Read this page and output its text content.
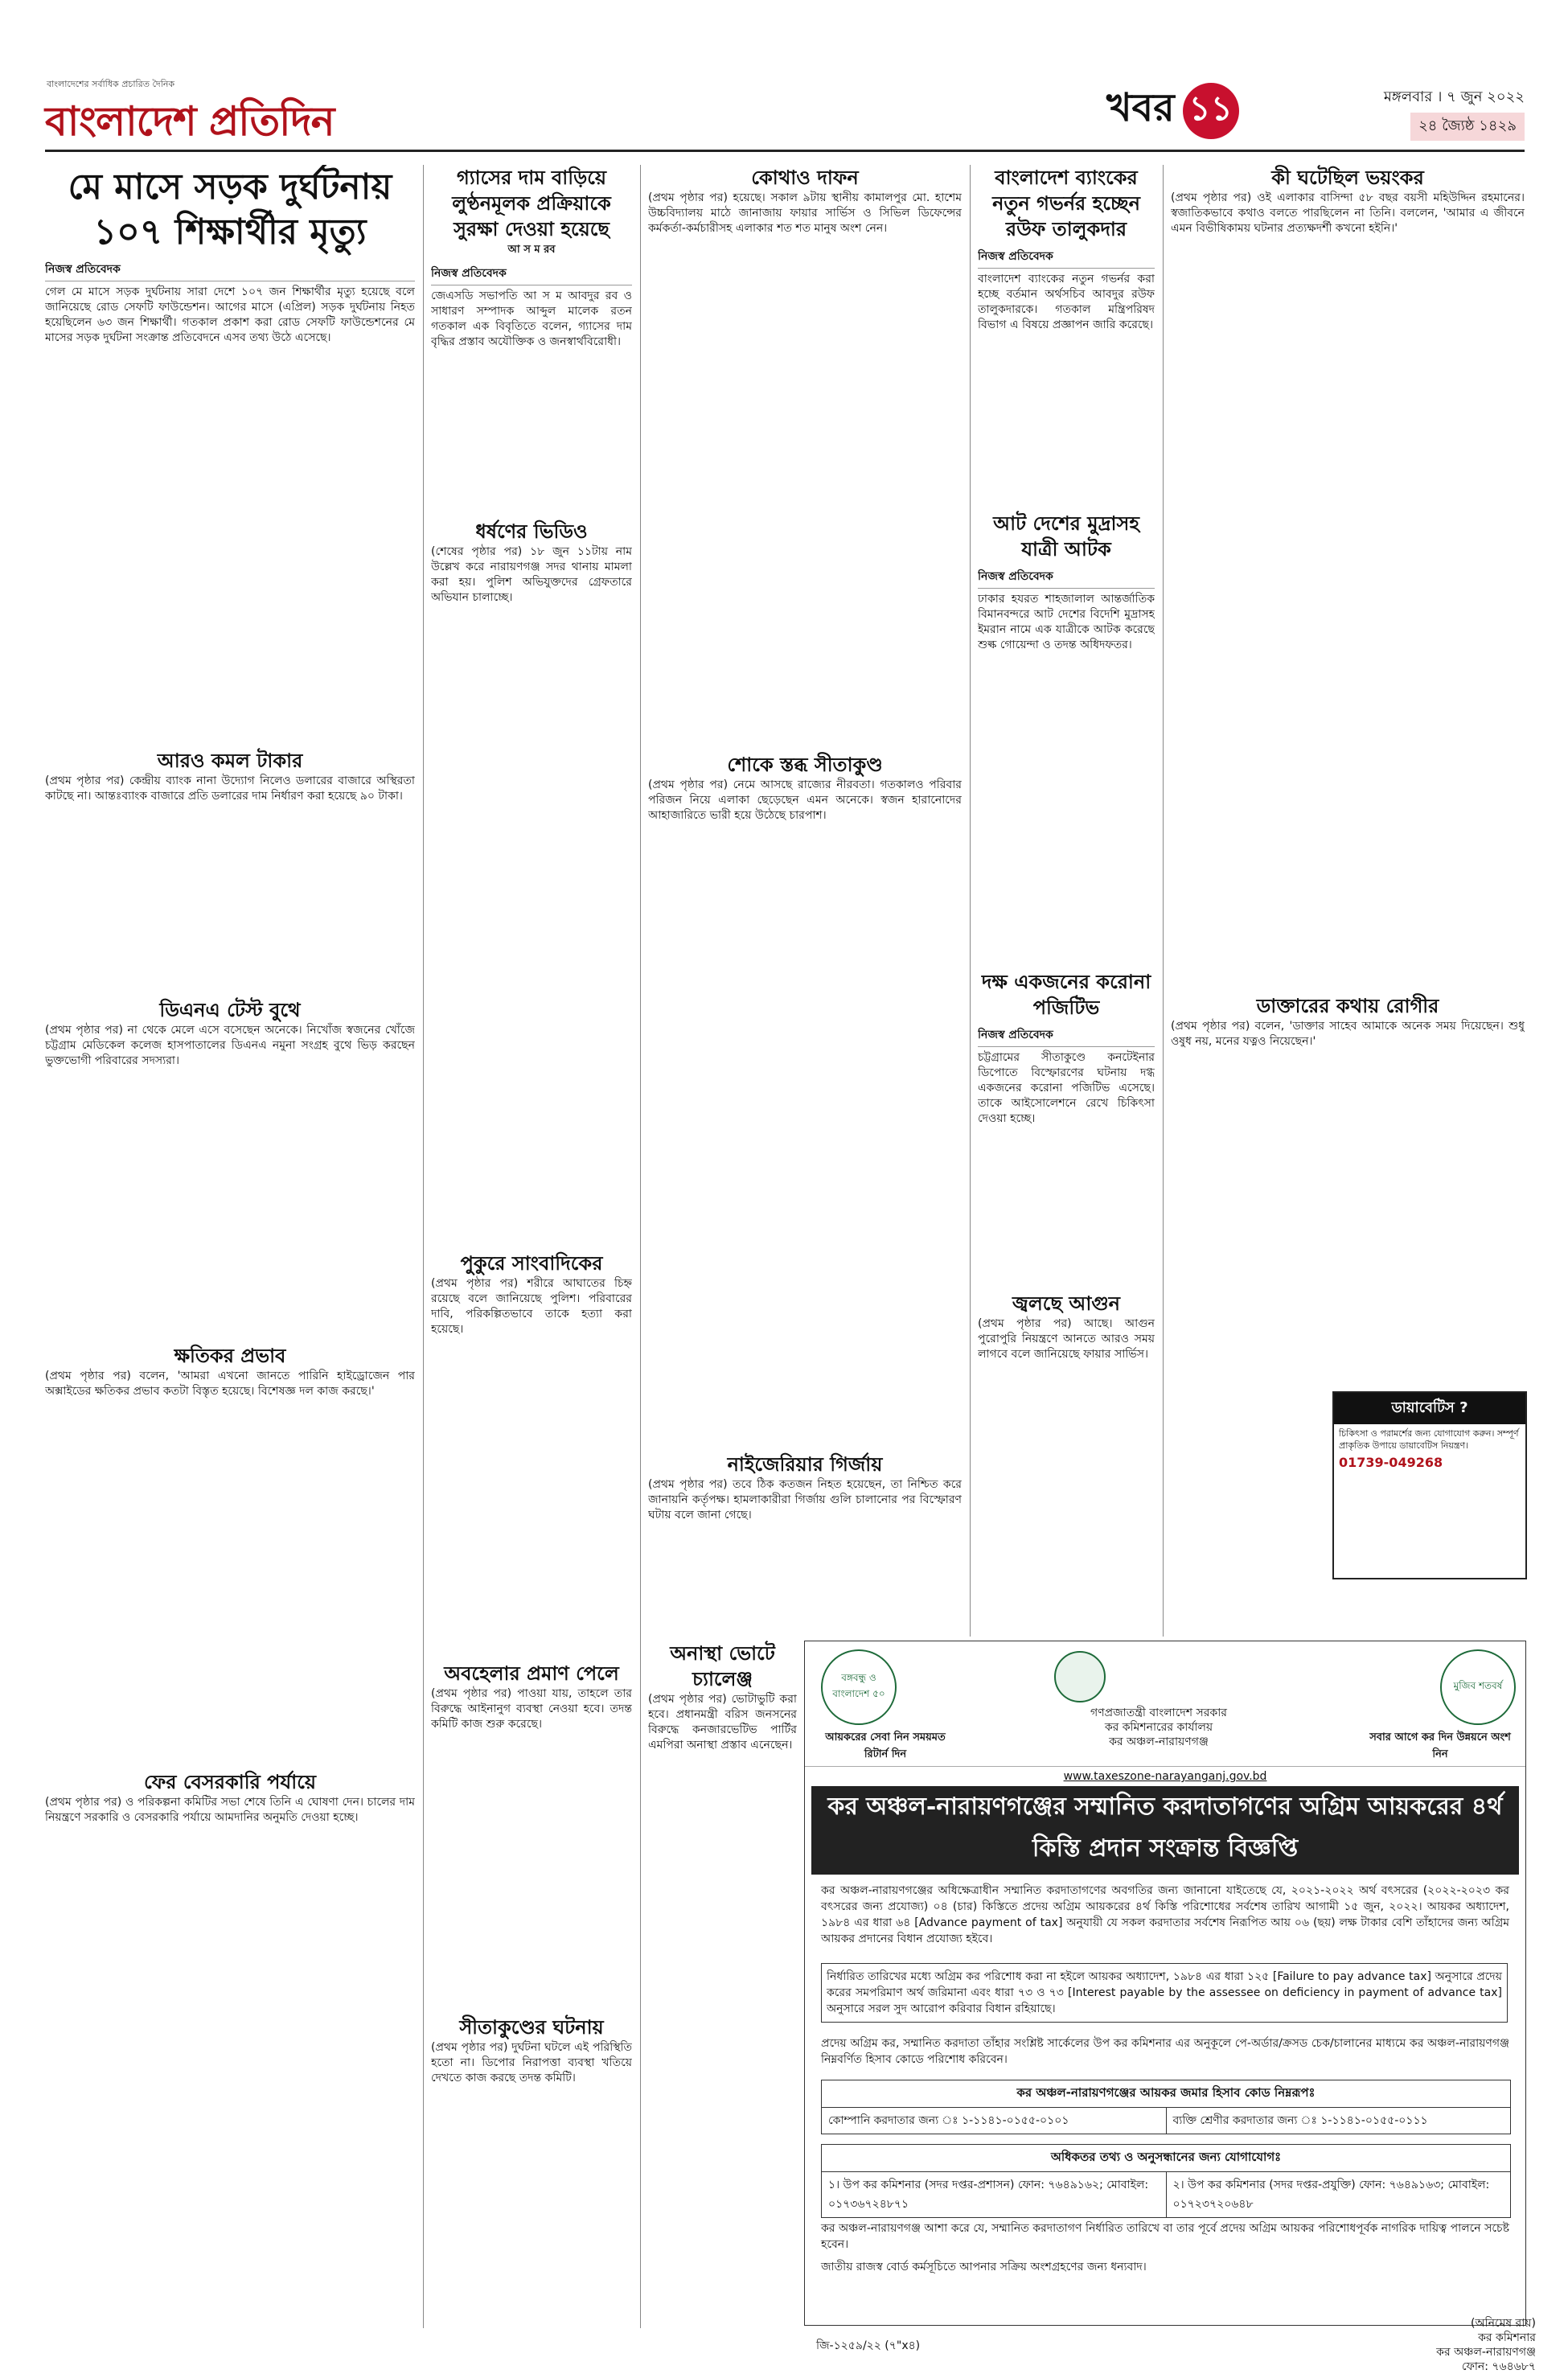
বাংলাদেশের সর্বাধিক প্রচারিত দৈনিক
বাংলাদেশ প্রতিদিন	খবর ১১	মঙ্গলবার । ৭ জুন ২০২২
২৪ জ্যৈষ্ঠ ১৪২৯
মে মাসে সড়ক দুর্ঘটনায় ১০৭ শিক্ষার্থীর মৃত্যু
নিজস্ব প্রতিবেদক

গেল মে মাসে সড়ক দুর্ঘটনায় সারা দেশে ১০৭ জন শিক্ষার্থীর মৃত্যু হয়েছে বলে জানিয়েছে রোড সেফটি ফাউন্ডেশন। আগের মাসে (এপ্রিল) সড়ক দুর্ঘটনায় নিহত হয়েছিলেন ৬৩ জন শিক্ষার্থী। গতকাল প্রকাশ করা রোড সেফটি ফাউন্ডেশনের মে মাসের সড়ক দুর্ঘটনা সংক্রান্ত প্রতিবেদনে এসব তথ্য উঠে এসেছে।

আরও কমল টাকার

(প্রথম পৃষ্ঠার পর) কেন্দ্রীয় ব্যাংক নানা উদ্যোগ নিলেও ডলারের বাজারে অস্থিরতা কাটছে না। আন্তঃব্যাংক বাজারে প্রতি ডলারের দাম নির্ধারণ করা হয়েছে ৯০ টাকা।

ডিএনএ টেস্ট বুথে

(প্রথম পৃষ্ঠার পর) না থেকে মেলে এসে বসেছেন অনেকে। নিখোঁজ স্বজনের খোঁজে চট্টগ্রাম মেডিকেল কলেজ হাসপাতালের ডিএনএ নমুনা সংগ্রহ বুথে ভিড় করছেন ভুক্তভোগী পরিবারের সদস্যরা।

ক্ষতিকর প্রভাব

(প্রথম পৃষ্ঠার পর) বলেন, 'আমরা এখনো জানতে পারিনি হাইড্রোজেন পার অক্সাইডের ক্ষতিকর প্রভাব কতটা বিস্তৃত হয়েছে। বিশেষজ্ঞ দল কাজ করছে।'

ফের বেসরকারি পর্যায়ে

(প্রথম পৃষ্ঠার পর) ও পরিকল্পনা কমিটির সভা শেষে তিনি এ ঘোষণা দেন। চালের দাম নিয়ন্ত্রণে সরকারি ও বেসরকারি পর্যায়ে আমদানির অনুমতি দেওয়া হচ্ছে।

গ্যাসের দাম বাড়িয়ে লুণ্ঠনমূলক প্রক্রিয়াকে সুরক্ষা দেওয়া হয়েছে
আ স ম রব
নিজস্ব প্রতিবেদক

জেএসডি সভাপতি আ স ম আবদুর রব ও সাধারণ সম্পাদক আব্দুল মালেক রতন গতকাল এক বিবৃতিতে বলেন, গ্যাসের দাম বৃদ্ধির প্রস্তাব অযৌক্তিক ও জনস্বার্থবিরোধী।

ধর্ষণের ভিডিও

(শেষের পৃষ্ঠার পর) ১৮ জুন ১১টায় নাম উল্লেখ করে নারায়ণগঞ্জ সদর থানায় মামলা করা হয়। পুলিশ অভিযুক্তদের গ্রেফতারে অভিযান চালাচ্ছে।

পুকুরে সাংবাদিকের

(প্রথম পৃষ্ঠার পর) শরীরে আঘাতের চিহ্ন রয়েছে বলে জানিয়েছে পুলিশ। পরিবারের দাবি, পরিকল্পিতভাবে তাকে হত্যা করা হয়েছে।

অবহেলার প্রমাণ পেলে

(প্রথম পৃষ্ঠার পর) পাওয়া যায়, তাহলে তার বিরুদ্ধে আইনানুগ ব্যবস্থা নেওয়া হবে। তদন্ত কমিটি কাজ শুরু করেছে।

সীতাকুণ্ডের ঘটনায়

(প্রথম পৃষ্ঠার পর) দুর্ঘটনা ঘটলে এই পরিস্থিতি হতো না। ডিপোর নিরাপত্তা ব্যবস্থা খতিয়ে দেখতে কাজ করছে তদন্ত কমিটি।

কোথাও দাফন

(প্রথম পৃষ্ঠার পর) হয়েছে। সকাল ৯টায় স্থানীয় কামালপুর মো. হাশেম উচ্চবিদ্যালয় মাঠে জানাজায় ফায়ার সার্ভিস ও সিভিল ডিফেন্সের কর্মকর্তা-কর্মচারীসহ এলাকার শত শত মানুষ অংশ নেন।

শোকে স্তব্ধ সীতাকুণ্ড

(প্রথম পৃষ্ঠার পর) নেমে আসছে রাজ্যের নীরবতা। গতকালও পরিবার পরিজন নিয়ে এলাকা ছেড়েছেন এমন অনেকে। স্বজন হারানোদের আহাজারিতে ভারী হয়ে উঠেছে চারপাশ।

নাইজেরিয়ার গির্জায়

(প্রথম পৃষ্ঠার পর) তবে ঠিক কতজন নিহত হয়েছেন, তা নিশ্চিত করে জানায়নি কর্তৃপক্ষ। হামলাকারীরা গির্জায় গুলি চালানোর পর বিস্ফোরণ ঘটায় বলে জানা গেছে।

অনাস্থা ভোটে চ্যালেঞ্জ

(প্রথম পৃষ্ঠার পর) ভোটাভুটি করা হবে। প্রধানমন্ত্রী বরিস জনসনের বিরুদ্ধে কনজারভেটিভ পার্টির এমপিরা অনাস্থা প্রস্তাব এনেছেন।

বাংলাদেশ ব্যাংকের নতুন গভর্নর হচ্ছেন রউফ তালুকদার
নিজস্ব প্রতিবেদক

বাংলাদেশ ব্যাংকের নতুন গভর্নর করা হচ্ছে বর্তমান অর্থসচিব আবদুর রউফ তালুকদারকে। গতকাল মন্ত্রিপরিষদ বিভাগ এ বিষয়ে প্রজ্ঞাপন জারি করেছে।

আট দেশের মুদ্রাসহ যাত্রী আটক
নিজস্ব প্রতিবেদক

ঢাকার হযরত শাহজালাল আন্তর্জাতিক বিমানবন্দরে আট দেশের বিদেশি মুদ্রাসহ ইমরান নামে এক যাত্রীকে আটক করেছে শুল্ক গোয়েন্দা ও তদন্ত অধিদফতর।

দক্ষ একজনের করোনা পজিটিভ
নিজস্ব প্রতিবেদক

চট্টগ্রামের সীতাকুণ্ডে কনটেইনার ডিপোতে বিস্ফোরণের ঘটনায় দগ্ধ একজনের করোনা পজিটিভ এসেছে। তাকে আইসোলেশনে রেখে চিকিৎসা দেওয়া হচ্ছে।

জ্বলছে আগুন

(প্রথম পৃষ্ঠার পর) আছে। আগুন পুরোপুরি নিয়ন্ত্রণে আনতে আরও সময় লাগবে বলে জানিয়েছে ফায়ার সার্ভিস।

কী ঘটেছিল ভয়ংকর

(প্রথম পৃষ্ঠার পর) ওই এলাকার বাসিন্দা ৫৮ বছর বয়সী মহিউদ্দিন রহমানের। স্বজাতিকভাবে কথাও বলতে পারছিলেন না তিনি। বললেন, 'আমার এ জীবনে এমন বিভীষিকাময় ঘটনার প্রত্যক্ষদর্শী কখনো হইনি।'

ডাক্তারের কথায় রোগীর

(প্রথম পৃষ্ঠার পর) বলেন, 'ডাক্তার সাহেব আমাকে অনেক সময় দিয়েছেন। শুধু ওষুধ নয়, মনের যত্নও নিয়েছেন।'

ডায়াবেটিস ?
চিকিৎসা ও পরামর্শের জন্য যোগাযোগ করুন। সম্পূর্ণ প্রাকৃতিক উপায়ে ডায়াবেটিস নিয়ন্ত্রণ।
01739-049268
বঙ্গবন্ধু ও বাংলাদেশ ৫০
আয়করের সেবা নিন সময়মত রিটার্ন দিন
গণপ্রজাতন্ত্রী বাংলাদেশ সরকার
কর কমিশনারের কার্যালয়
কর অঞ্চল-নারায়ণগঞ্জ
মুজিব শতবর্ষ
সবার আগে কর দিন উন্নয়নে অংশ নিন
www.taxeszone-narayanganj.gov.bd
কর অঞ্চল-নারায়ণগঞ্জের সম্মানিত করদাতাগণের অগ্রিম আয়করের ৪র্থ কিস্তি প্রদান সংক্রান্ত বিজ্ঞপ্তি
কর অঞ্চল-নারায়ণগঞ্জের অধিক্ষেত্রাধীন সম্মানিত করদাতাগণের অবগতির জন্য জানানো যাইতেছে যে, ২০২১-২০২২ অর্থ বৎসরের (২০২২-২০২৩ কর বৎসরের জন্য প্রযোজ্য) ০৪ (চার) কিস্তিতে প্রদেয় অগ্রিম আয়করের ৪র্থ কিস্তি পরিশোধের সর্বশেষ তারিখ আগামী ১৫ জুন, ২০২২। আয়কর অধ্যাদেশ, ১৯৮৪ এর ধারা ৬৪ [Advance payment of tax] অনুযায়ী যে সকল করদাতার সর্বশেষ নিরূপিত আয় ০৬ (ছয়) লক্ষ টাকার বেশি তাঁহাদের জন্য অগ্রিম আয়কর প্রদানের বিধান প্রযোজ্য হইবে।
নির্ধারিত তারিখের মধ্যে অগ্রিম কর পরিশোধ করা না হইলে আয়কর অধ্যাদেশ, ১৯৮৪ এর ধারা ১২৫ [Failure to pay advance tax] অনুসারে প্রদেয় করের সমপরিমাণ অর্থ জরিমানা এবং ধারা ৭৩ ও ৭৩ [Interest payable by the assessee on deficiency in payment of advance tax] অনুসারে সরল সুদ আরোপ করিবার বিধান রহিয়াছে।
প্রদেয় অগ্রিম কর, সম্মানিত করদাতা তাঁহার সংশ্লিষ্ট সার্কেলের উপ কর কমিশনার এর অনুকূলে পে-অর্ডার/ক্রসড চেক/চালানের মাধ্যমে কর অঞ্চল-নারায়ণগঞ্জ নিম্নবর্ণিত হিসাব কোডে পরিশোধ করিবেন।
কর অঞ্চল-নারায়ণগঞ্জের আয়কর জমার হিসাব কোড নিম্নরূপঃ
কোম্পানি করদাতার জন্য ঃ ১-১১৪১-০১৫৫-০১০১	ব্যক্তি শ্রেণীর করদাতার জন্য ঃ ১-১১৪১-০১৫৫-০১১১
অধিকতর তথ্য ও অনুসন্ধানের জন্য যোগাযোগঃ
১। উপ কর কমিশনার (সদর দপ্তর-প্রশাসন) ফোন: ৭৬৪৯১৬২; মোবাইল: ০১৭৩৬৭২৪৮৭১
২। উপ কর কমিশনার (সদর দপ্তর-প্রযুক্তি) ফোন: ৭৬৪৯১৬৩; মোবাইল: ০১৭২৩৭২০৬৪৮
কর অঞ্চল-নারায়ণগঞ্জ আশা করে যে, সম্মানিত করদাতাগণ নির্ধারিত তারিখে বা তার পূর্বে প্রদেয় অগ্রিম আয়কর পরিশোধপূর্বক নাগরিক দায়িত্ব পালনে সচেষ্ট হবেন।
জাতীয় রাজস্ব বোর্ড কর্মসূচিতে আপনার সক্রিয় অংশগ্রহণের জন্য ধন্যবাদ।
জি-১২৫৯/২২ (৭"x৪)
(অনিমেষ রায়)
কর কমিশনার
কর অঞ্চল-নারায়ণগঞ্জ
ফোন: ৭৬৪৬৮৭
